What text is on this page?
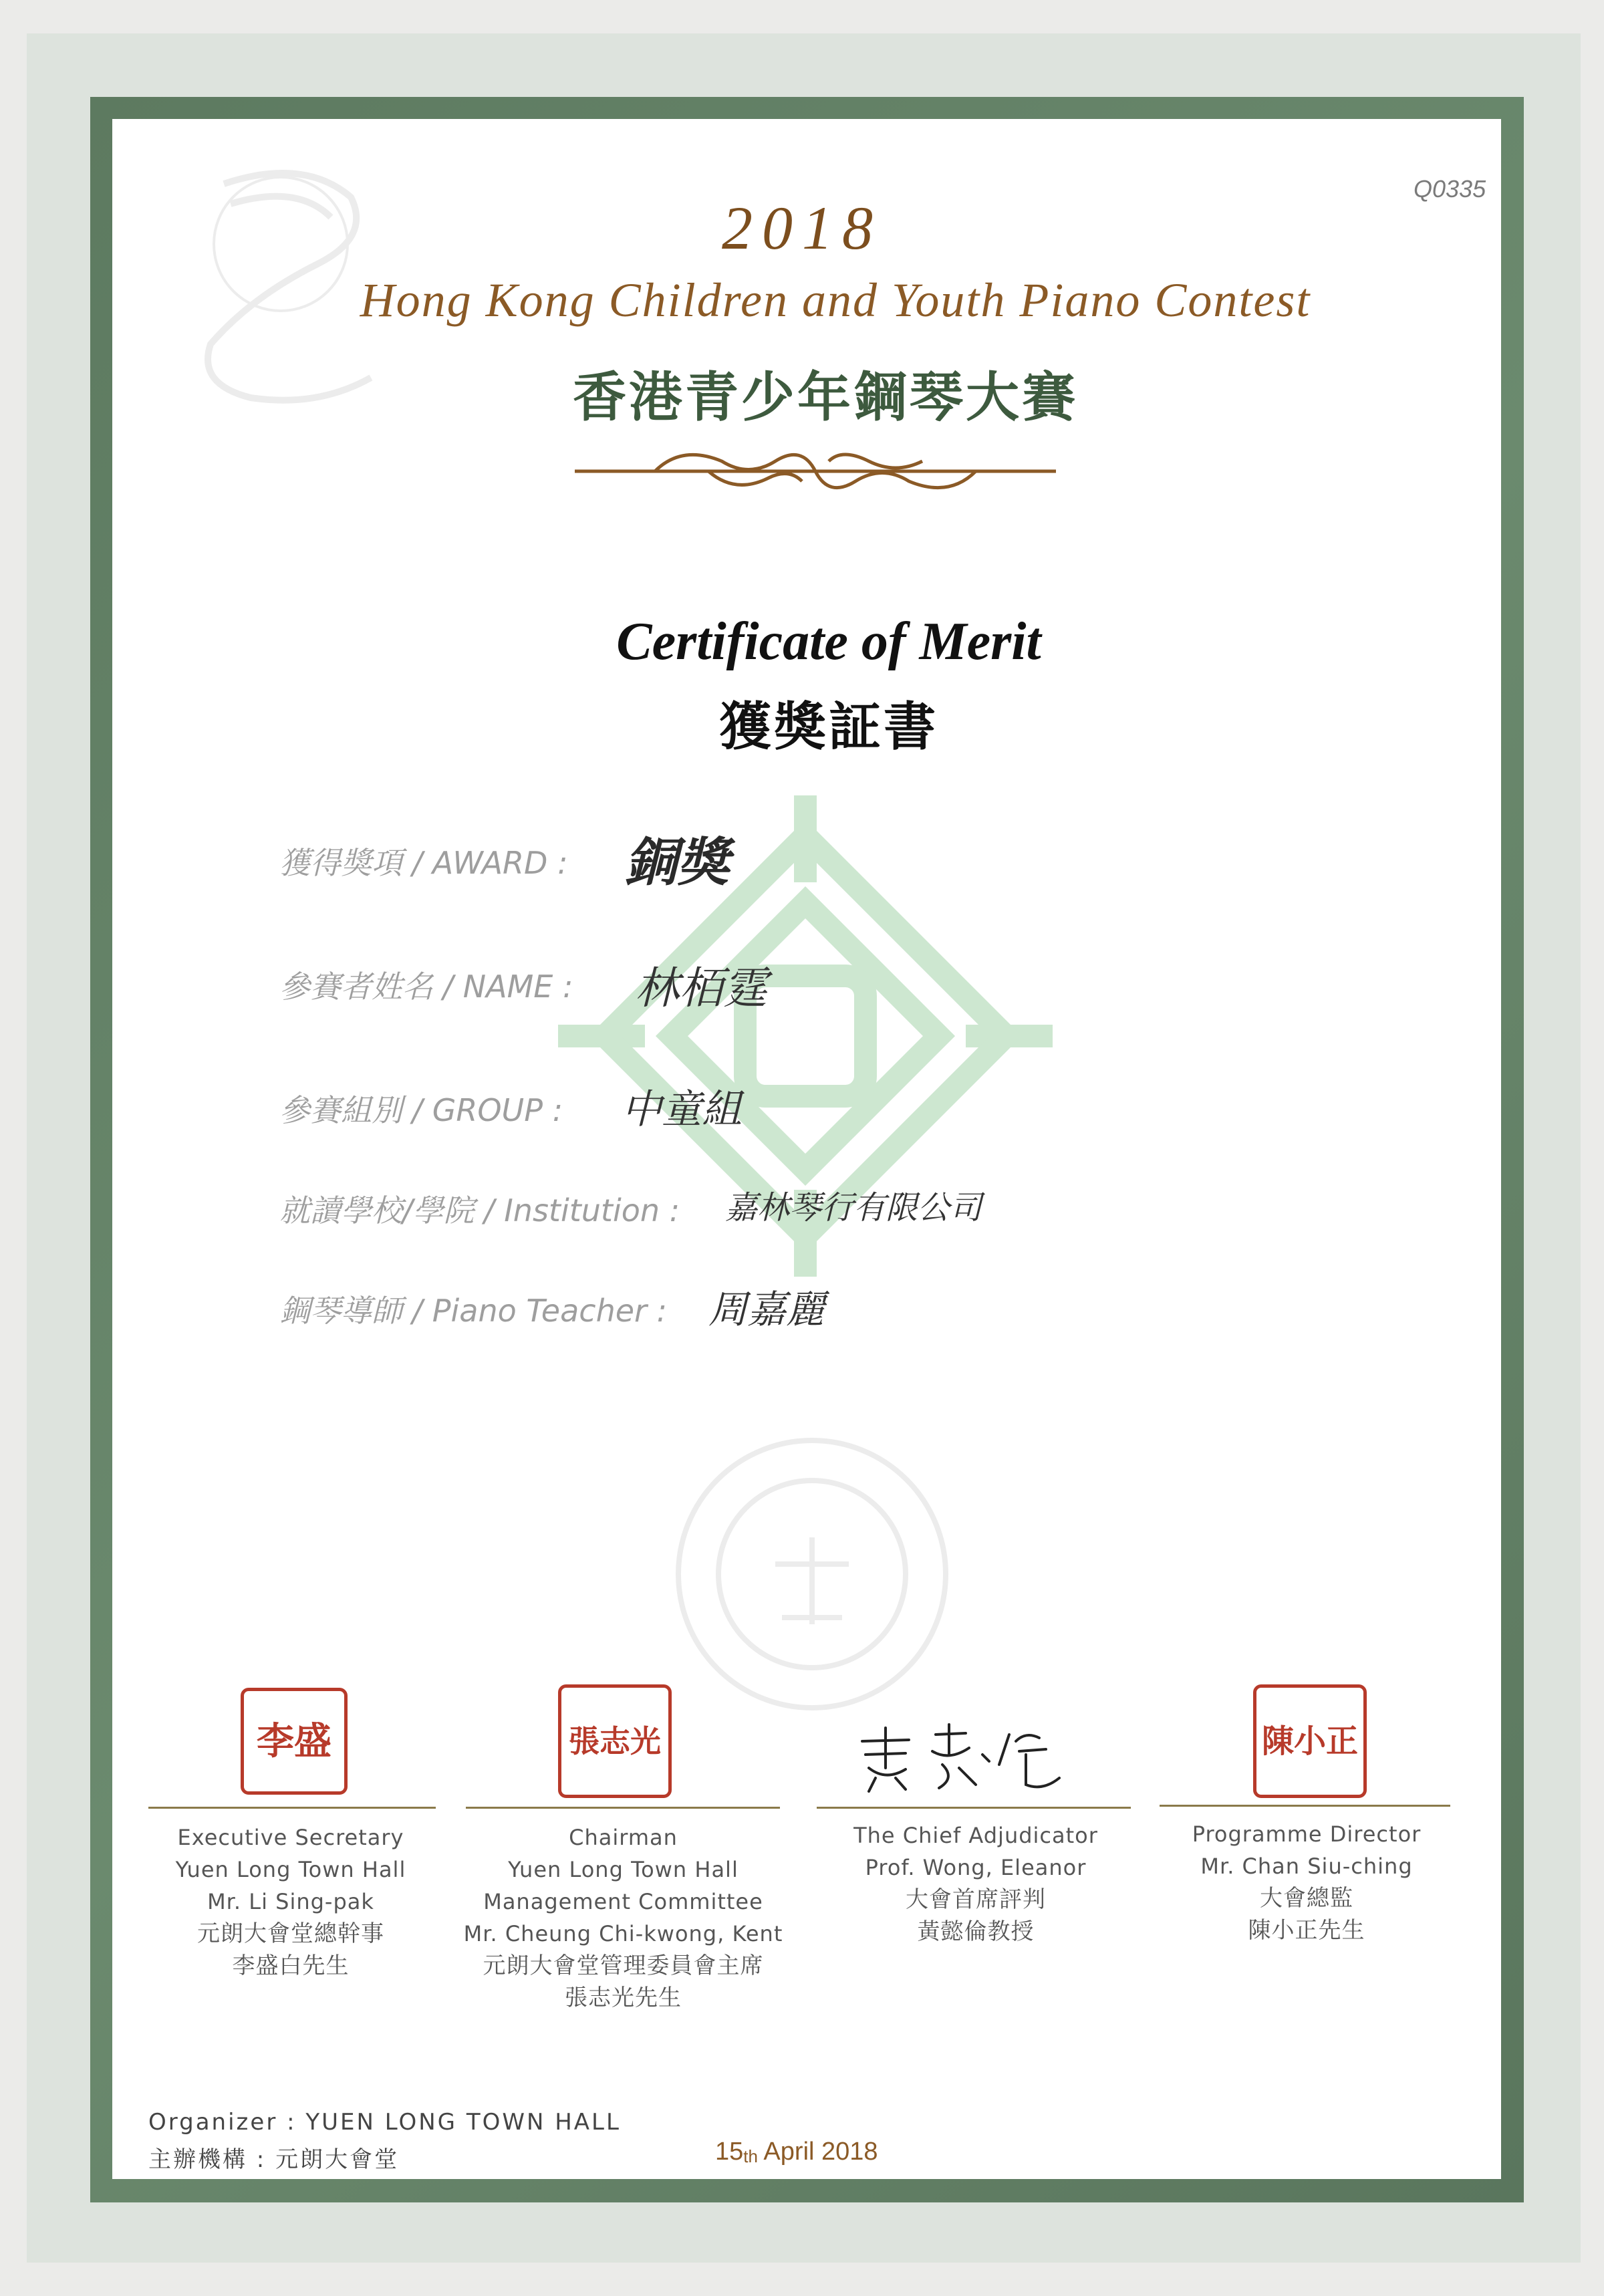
Q0335
2018
Hong Kong Children and Youth Piano Contest
香港青少年鋼琴大賽
Certificate of Merit
獲獎証書
獲得獎項 / AWARD : 銅獎
參賽者姓名 / NAME : 林栢霆
參賽組別 / GROUP : 中童組
就讀學校/學院 / Institution : 嘉林琴行有限公司
鋼琴導師 / Piano Teacher : 周嘉麗
李盛
Executive Secretary
Yuen Long Town Hall
Mr. Li Sing-pak
元朗大會堂總幹事
李盛白先生
張志光
Chairman
Yuen Long Town Hall
Management Committee
Mr. Cheung Chi-kwong, Kent
元朗大會堂管理委員會主席
張志光先生
The Chief Adjudicator
Prof. Wong, Eleanor
大會首席評判
黃懿倫教授
陳小正
Programme Director
Mr. Chan Siu-ching
大會總監
陳小正先生
Organizer : YUEN LONG TOWN HALL
主辦機構 : 元朗大會堂	$15_{th}$ April 2018
